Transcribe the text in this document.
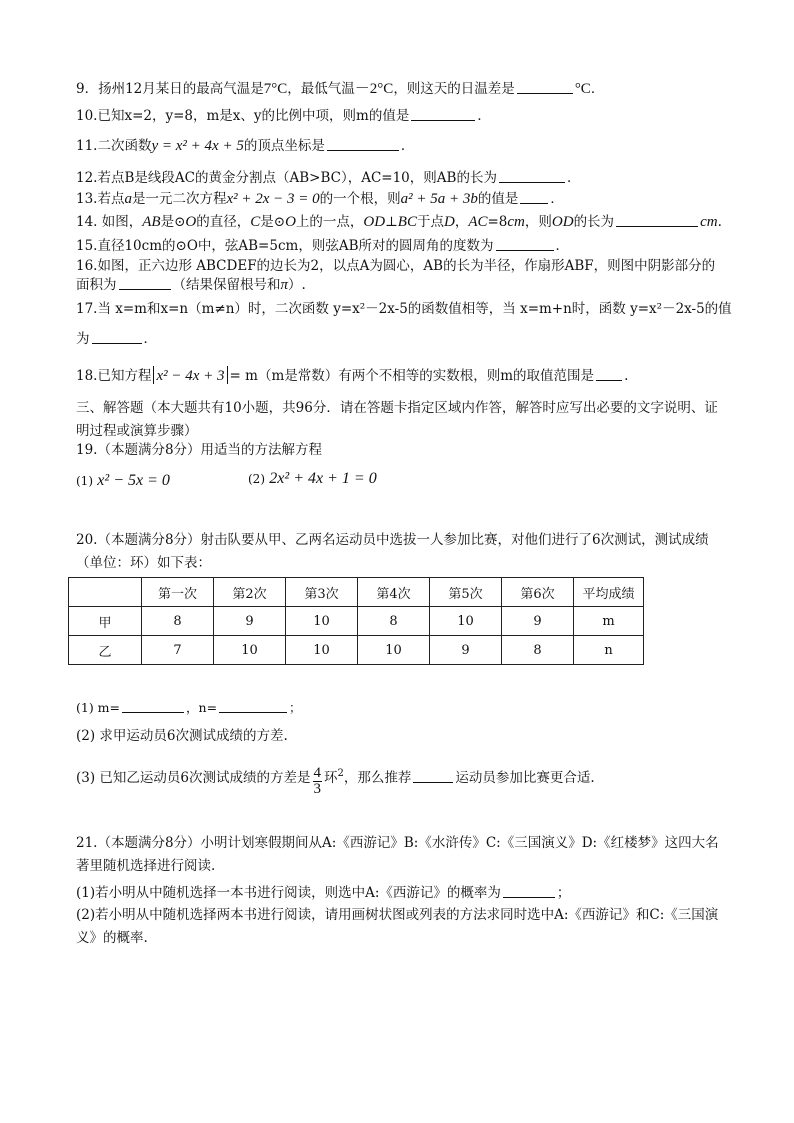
9．扬州12月某日的最高气温是7°C，最低气温－2°C，则这天的日温差是	°C．
10.已知x=2，y=8，m是x、y的比例中项，则m的值是	．
11.二次函数y = x² + 4x + 5的顶点坐标是	．
12.若点B是线段AC的黄金分割点（AB>BC），AC=10，则AB的长为	．
13.若点a是一元二次方程x² + 2x − 3 = 0的一个根，则a² + 5a + 3b的值是 ．
14. 如图，AB是⊙O的直径，C是⊙O上的一点，OD⊥BC于点D，AC=8cm，则OD的长为	cm.
15.直径10cm的⊙O中，弦AB=5cm，则弦AB所对的圆周角的度数为	．
16.如图，正六边形 ABCDEF的边长为2，以点A为圆心，AB的长为半径，作扇形ABF，则图中阴影部分的
面积为	（结果保留根号和π）.
17.当 x=m和x=n（m≠n）时，二次函数 y=x²－2x-5的函数值相等，当 x=m+n时，函数 y=x²－2x-5的值
为	．
18.已知方程 x² − 4x + 3 = m（m是常数）有两个不相等的实数根，则m的取值范围是 .
三、解答题（本大题共有10小题，共96分．请在答题卡指定区域内作答，解答时应写出必要的文字说明、证明过程或演算步骤）
19.（本题满分8分）用适当的方法解方程
(1) x² − 5x = 0	(2) 2x² + 4x + 1 = 0
20.（本题满分8分）射击队要从甲、乙两名运动员中选拔一人参加比赛，对他们进行了6次测试，测试成绩（单位：环）如下表：
	第一次	第2次	第3次	第4次	第5次	第6次	平均成绩
甲	8	9	10	8	10	9	m
乙	7	10	10	10	9	8	n
(1) m=	，n=	；
(2) 求甲运动员6次测试成绩的方差.
(3) 已知乙运动员6次测试成绩的方差是 $\frac{4}{3}$ 环$^2$，那么推荐	运动员参加比赛更合适.
21.（本题满分8分）小明计划寒假期间从A:《西游记》B:《水浒传》C:《三国演义》D:《红楼梦》这四大名著里随机选择进行阅读.
(1)若小明从中随机选择一本书进行阅读，则选中A:《西游记》的概率为	；
(2)若小明从中随机选择两本书进行阅读，请用画树状图或列表的方法求同时选中A:《西游记》和C:《三国演义》的概率.
